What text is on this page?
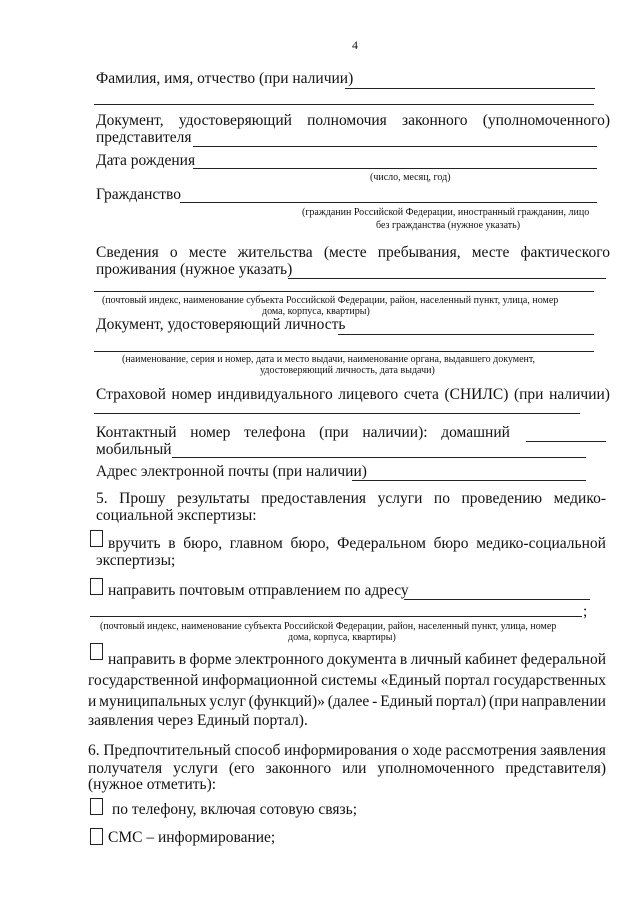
4
Фамилия, имя, отчество (при наличии)
Документ, удостоверяющий полномочия законного (уполномоченного)
представителя
Дата рождения
(число, месяц, год)
Гражданство
(гражданин Российской Федерации, иностранный гражданин, лицо
без гражданства (нужное указать)
Сведения о месте жительства (месте пребывания, месте фактического
проживания (нужное указать)
(почтовый индекс, наименование субъекта Российской Федерации, район, населенный пункт, улица, номер
дома, корпуса, квартиры)
Документ, удостоверяющий личность
(наименование, серия и номер, дата и место выдачи, наименование органа, выдавшего документ,
удостоверяющий личность, дата выдачи)
Страховой номер индивидуального лицевого счета (СНИЛС) (при наличии)
Контактный номер телефона (при наличии): домашний
мобильный
Адрес электронной почты (при наличии)
5. Прошу результаты предоставления услуги по проведению медико-
социальной экспертизы:
вручить в бюро, главном бюро, Федеральном бюро медико-социальной
экспертизы;
направить почтовым отправлением по адресу
;
(почтовый индекс, наименование субъекта Российской Федерации, район, населенный пункт, улица, номер
дома, корпуса, квартиры)
направить в форме электронного документа в личный кабинет федеральной
государственной информационной системы «Единый портал государственных
и муниципальных услуг (функций)» (далее - Единый портал) (при направлении
заявления через Единый портал).
6. Предпочтительный способ информирования о ходе рассмотрения заявления
получателя услуги (его законного или уполномоченного представителя)
(нужное отметить):
по телефону, включая сотовую связь;
СМС – информирование;
